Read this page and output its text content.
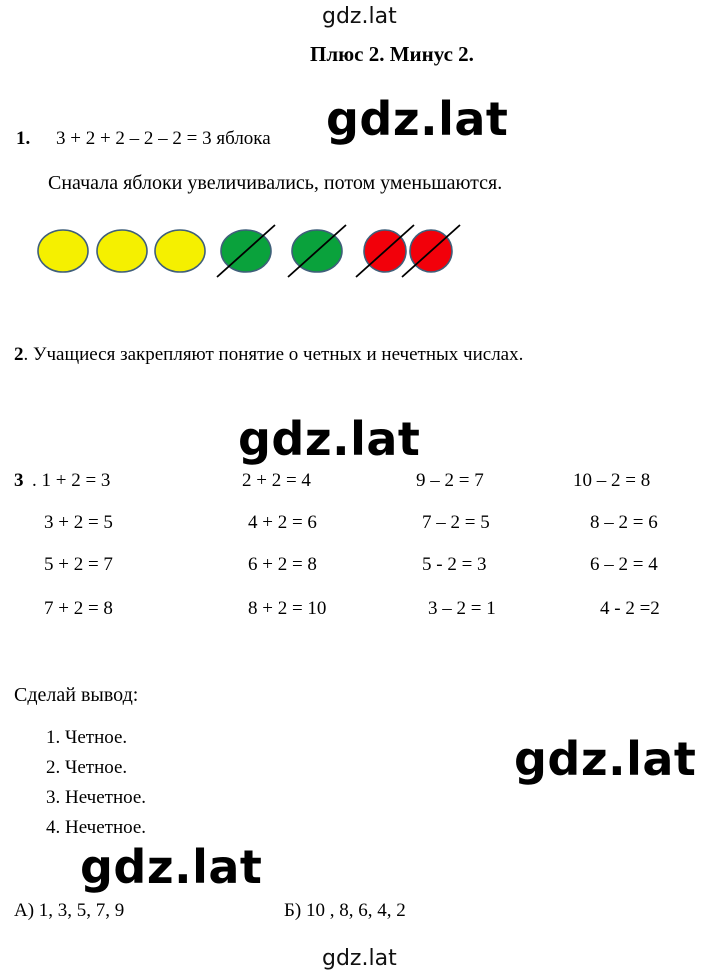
gdz.lat
gdz.lat
Плюс 2. Минус 2.
1. 3 + 2 + 2 – 2 – 2 = 3 яблока gdz.lat
Сначала яблоки увеличивались, потом уменьшаются.
2. Учащиеся закрепляют понятие о четных и нечетных числах.
gdz.lat
3 . 1 + 2 = 3	2 + 2 = 4	9 – 2 = 7	10 – 2 = 8
3 + 2 = 5	4 + 2 = 6	7 – 2 = 5	8 – 2 = 6
5 + 2 = 7	6 + 2 = 8	5 - 2 = 3	6 – 2 = 4
7 + 2 = 8	8 + 2 = 10	3 – 2 = 1	4 - 2 =2
Сделай вывод:
1. Четное.
2. Четное.
3. Нечетное.
4. Нечетное.
gdz.lat
gdz.lat
А) 1, 3, 5, 7, 9	Б) 10 , 8, 6, 4, 2
